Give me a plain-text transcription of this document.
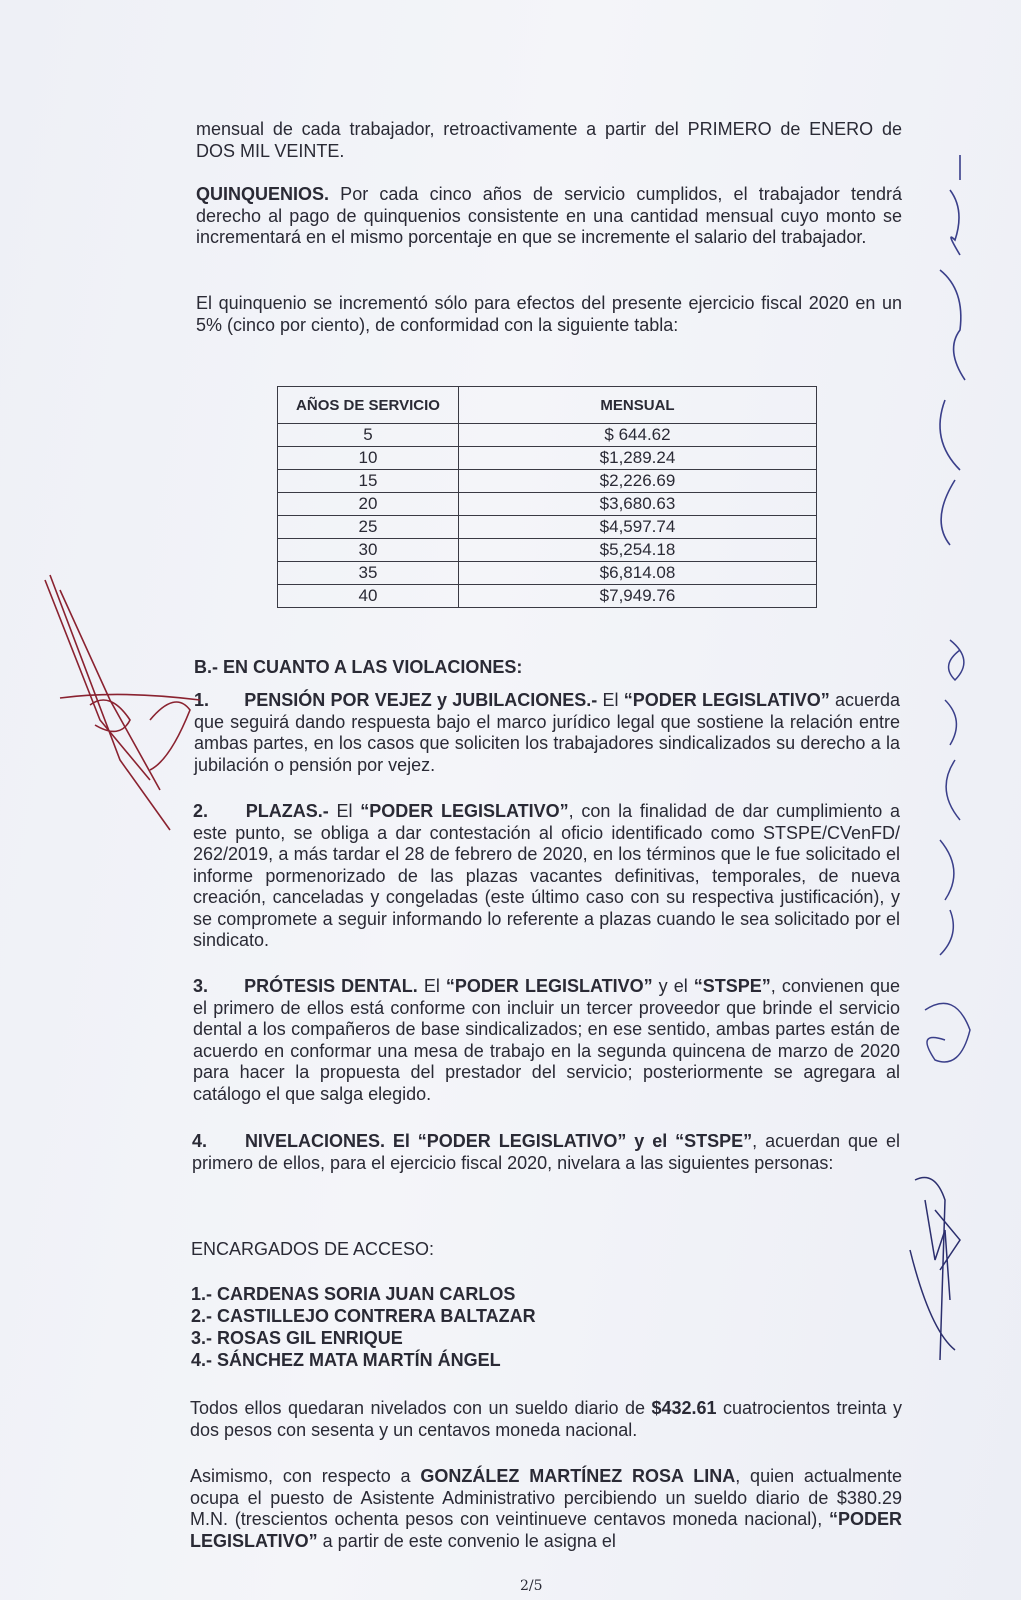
mensual de cada trabajador, retroactivamente a partir del PRIMERO de ENERO de DOS MIL VEINTE.
QUINQUENIOS. Por cada cinco años de servicio cumplidos, el trabajador tendrá derecho al pago de quinquenios consistente en una cantidad mensual cuyo monto se incrementará en el mismo porcentaje en que se incremente el salario del trabajador.
El quinquenio se incrementó sólo para efectos del presente ejercicio fiscal 2020 en un 5% (cinco por ciento), de conformidad con la siguiente tabla:
AÑOS DE SERVICIO	MENSUAL
5	$ 644.62
10	$1,289.24
15	$2,226.69
20	$3,680.63
25	$4,597.74
30	$5,254.18
35	$6,814.08
40	$7,949.76
B.- EN CUANTO A LAS VIOLACIONES:
1. PENSIÓN POR VEJEZ y JUBILACIONES.- El “PODER LEGISLATIVO” acuerda que seguirá dando respuesta bajo el marco jurídico legal que sostiene la relación entre ambas partes, en los casos que soliciten los trabajadores sindicalizados su derecho a la jubilación o pensión por vejez.
2. PLAZAS.- El “PODER LEGISLATIVO”, con la finalidad de dar cumplimiento a este punto, se obliga a dar contestación al oficio identificado como STSPE/CVenFD/ 262/2019, a más tardar el 28 de febrero de 2020, en los términos que le fue solicitado el informe pormenorizado de las plazas vacantes definitivas, temporales, de nueva creación, canceladas y congeladas (este último caso con su respectiva justificación), y se compromete a seguir informando lo referente a plazas cuando le sea solicitado por el sindicato.
3. PRÓTESIS DENTAL. El “PODER LEGISLATIVO” y el “STSPE”, convienen que el primero de ellos está conforme con incluir un tercer proveedor que brinde el servicio dental a los compañeros de base sindicalizados; en ese sentido, ambas partes están de acuerdo en conformar una mesa de trabajo en la segunda quincena de marzo de 2020 para hacer la propuesta del prestador del servicio; posteriormente se agregara al catálogo el que salga elegido.
4. NIVELACIONES. El “PODER LEGISLATIVO” y el “STSPE”, acuerdan que el primero de ellos, para el ejercicio fiscal 2020, nivelara a las siguientes personas:
ENCARGADOS DE ACCESO:
1.- CARDENAS SORIA JUAN CARLOS
2.- CASTILLEJO CONTRERA BALTAZAR
3.- ROSAS GIL ENRIQUE
4.- SÁNCHEZ MATA MARTÍN ÁNGEL
Todos ellos quedaran nivelados con un sueldo diario de $432.61 cuatrocientos treinta y dos pesos con sesenta y un centavos moneda nacional.
Asimismo, con respecto a GONZÁLEZ MARTÍNEZ ROSA LINA, quien actualmente ocupa el puesto de Asistente Administrativo percibiendo un sueldo diario de $380.29 M.N. (trescientos ochenta pesos con veintinueve centavos moneda nacional), “PODER LEGISLATIVO” a partir de este convenio le asigna el
2/5
